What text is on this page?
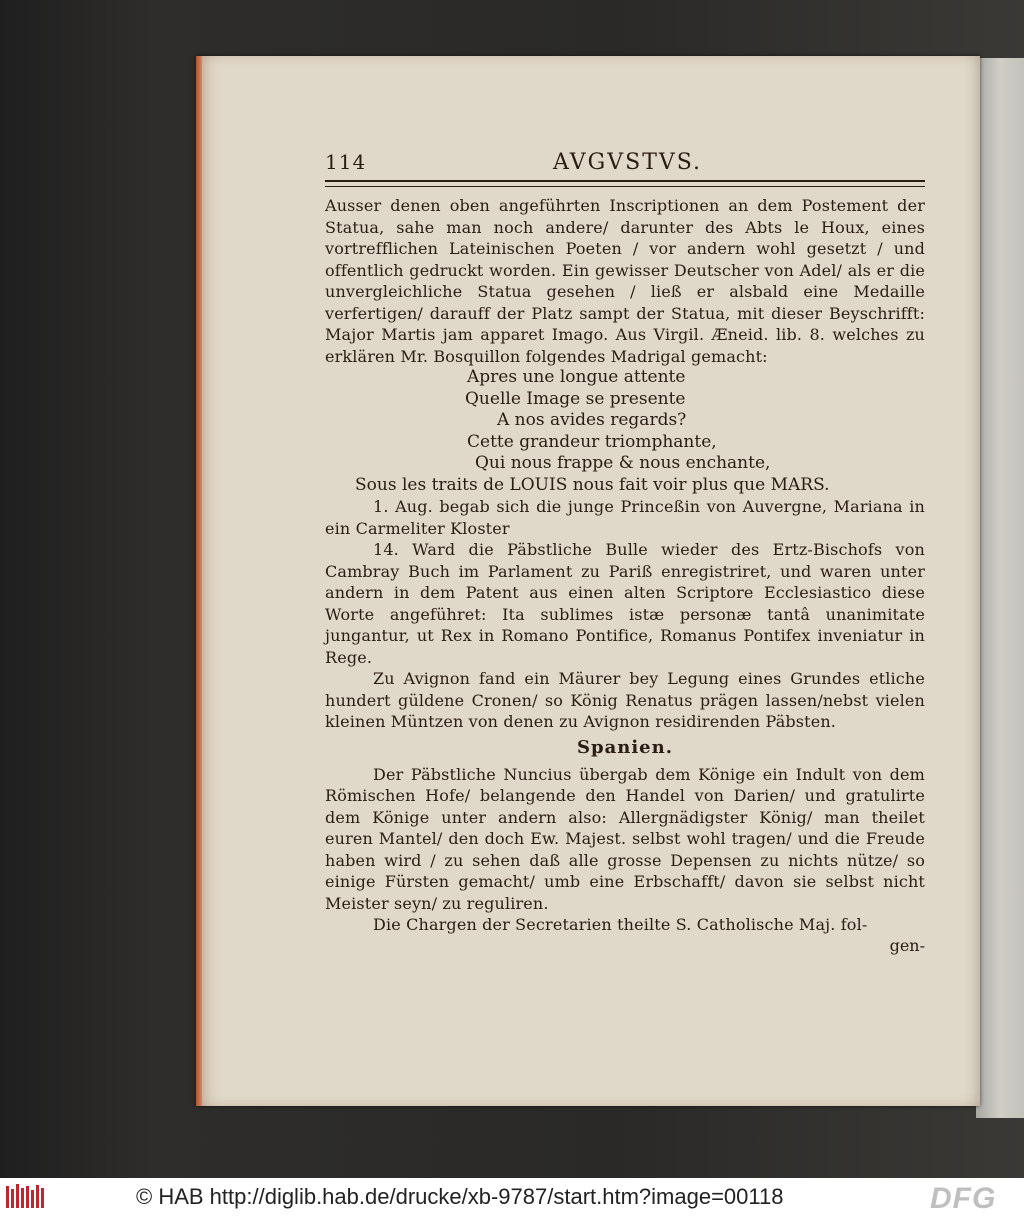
114	AVGVSTVS.

Ausser denen oben angeführten Inscriptionen an dem Postement der Statua, sahe man noch andere/ darunter des Abts le Houx, eines vortrefflichen Lateinischen Poeten / vor andern wohl gesetzt / und offentlich gedruckt worden. Ein gewisser Deutscher von Adel/ als er die unvergleichliche Statua gesehen / ließ er alsbald eine Medaille verfertigen/ darauff der Platz sampt der Statua, mit dieser Beyschrifft: Major Martis jam apparet Imago. Aus Virgil. Æneid. lib. 8. welches zu erklären Mr. Bosquillon folgendes Madrigal gemacht:

Apres une longue attente
Quelle Image se presente
A nos avides regards?
Cette grandeur triomphante,
Qui nous frappe & nous enchante,
Sous les traits de LOUIS nous fait voir plus que MARS.

1. Aug. begab sich die junge Princeßin von Auvergne, Mariana in ein Carmeliter Kloster

14. Ward die Päbstliche Bulle wieder des Ertz-Bischofs von Cambray Buch im Parlament zu Pariß enregistriret, und waren unter andern in dem Patent aus einen alten Scriptore Ecclesiastico diese Worte angeführet: Ita sublimes istæ personæ tantâ unanimitate jungantur, ut Rex in Romano Pontifice, Romanus Pontifex inveniatur in Rege.

Zu Avignon fand ein Mäurer bey Legung eines Grundes etliche hundert güldene Cronen/ so König Renatus prägen lassen/nebst vielen kleinen Müntzen von denen zu Avignon residirenden Päbsten.

Spanien.

Der Päbstliche Nuncius übergab dem Könige ein Indult von dem Römischen Hofe/ belangende den Handel von Darien/ und gratulirte dem Könige unter andern also: Allergnädigster König/ man theilet euren Mantel/ den doch Ew. Majest. selbst wohl tragen/ und die Freude haben wird / zu sehen daß alle grosse Depensen zu nichts nütze/ so einige Fürsten gemacht/ umb eine Erbschafft/ davon sie selbst nicht Meister seyn/ zu reguliren.

Die Chargen der Secretarien theilte S. Catholische Maj. fol-

gen-
© HAB http://diglib.hab.de/drucke/xb-9787/start.htm?image=00118	DFG
